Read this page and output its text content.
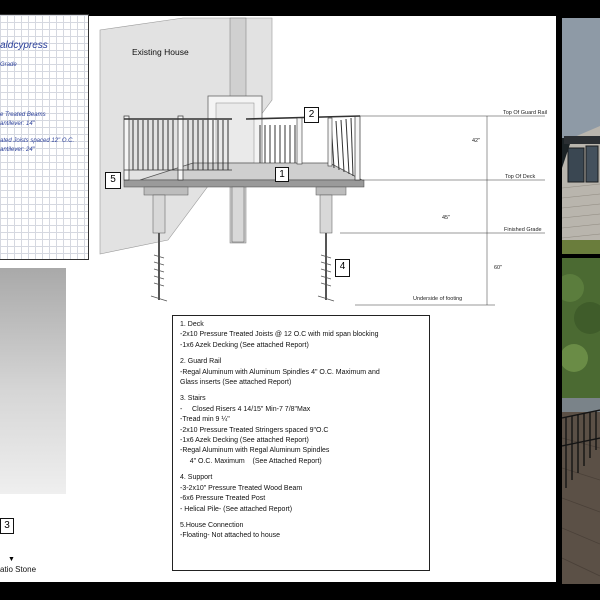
aldcypress
Grade
e Treated Beams
antilever: 14"
ated Joists spaced 12" O.C.
antilever: 24"
3
▼
atio Stone
Existing House
1
2
4
5
Top Of Guard Rail
Top Of Deck
Finished Grade
Underside of footing
42"
45"
60"
1. Deck
-2x10 Pressure Treated Joists @ 12 O.C with mid span blocking
-1x6 Azek Decking (See attached Report)
2. Guard Rail
-Regal Aluminum with Aluminum Spindles 4" O.C. Maximum and
Glass inserts (See attached Report)
3. Stairs
-     Closed Risers 4 14/15" Min-7 7/8"Max
-Tread min 9 ¼"
-2x10 Pressure Treated Stringers spaced 9"O.C
-1x6 Azek Decking (See attached Report)
-Regal Aluminum with Regal Aluminum Spindles
4" O.C. Maximum    (See Attached Report)
4. Support
-3-2x10" Pressure Treated Wood Beam
-6x6 Pressure Treated Post
- Helical Pile- (See attached Report)
5.House Connection
-Floating- Not attached to house
